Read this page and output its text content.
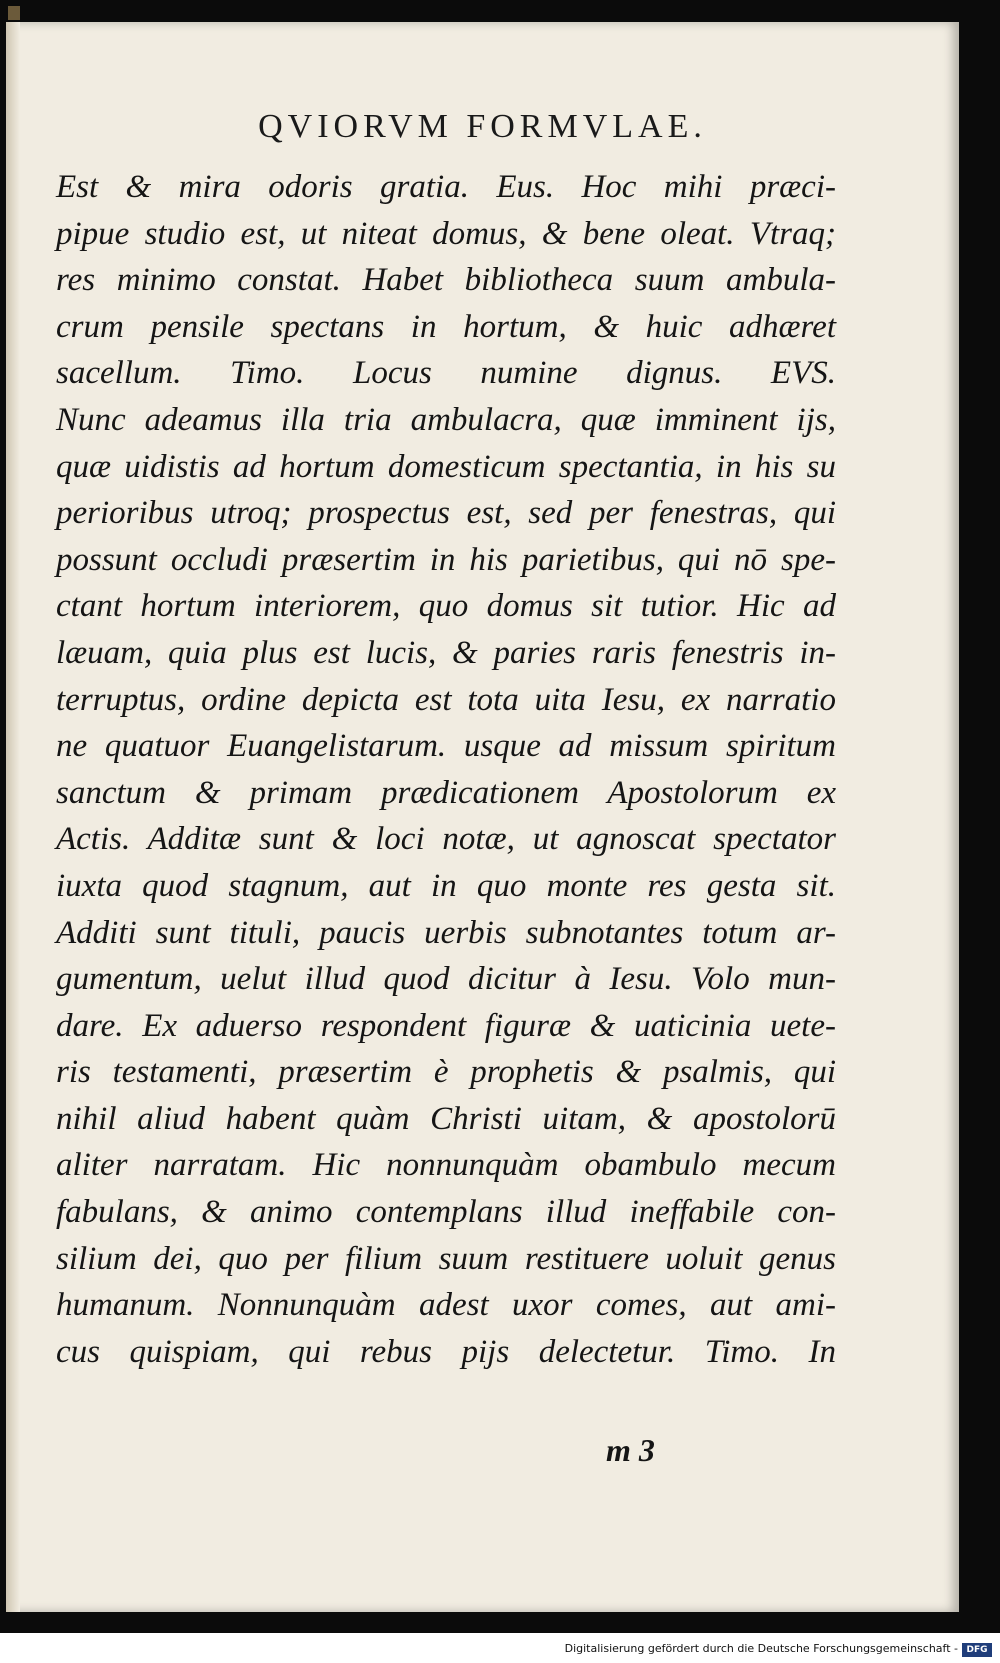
QVIORVM FORMVLAE.
Est & mira odoris gratia. Eus. Hoc mihi præci-
pipue studio est, ut niteat domus, & bene oleat. Vtraq;
res minimo constat. Habet bibliotheca suum ambula-
crum pensile spectans in hortum, & huic adhæret
sacellum. Timo. Locus numine dignus. EVS.
Nunc adeamus illa tria ambulacra, quæ imminent ijs,
quæ uidistis ad hortum domesticum spectantia, in his su
perioribus utroq; prospectus est, sed per fenestras, qui
possunt occludi præsertim in his parietibus, qui nō spe-
ctant hortum interiorem, quo domus sit tutior. Hic ad
læuam, quia plus est lucis, & paries raris fenestris in-
terruptus, ordine depicta est tota uita Iesu, ex narratio
ne quatuor Euangelistarum. usque ad missum spiritum
sanctum & primam prædicationem Apostolorum ex
Actis. Additæ sunt & loci notæ, ut agnoscat spectator
iuxta quod stagnum, aut in quo monte res gesta sit.
Additi sunt tituli, paucis uerbis subnotantes totum ar-
gumentum, uelut illud quod dicitur à Iesu. Volo mun-
dare. Ex aduerso respondent figuræ & uaticinia uete-
ris testamenti, præsertim è prophetis & psalmis, qui
nihil aliud habent quàm Christi uitam, & apostolorū
aliter narratam. Hic nonnunquàm obambulo mecum
fabulans, & animo contemplans illud ineffabile con-
silium dei, quo per filium suum restituere uoluit genus
humanum. Nonnunquàm adest uxor comes, aut ami-
cus quispiam, qui rebus pijs delectetur. Timo. In
m 3
Digitalisierung gefördert durch die Deutsche Forschungsgemeinschaft - DFG
